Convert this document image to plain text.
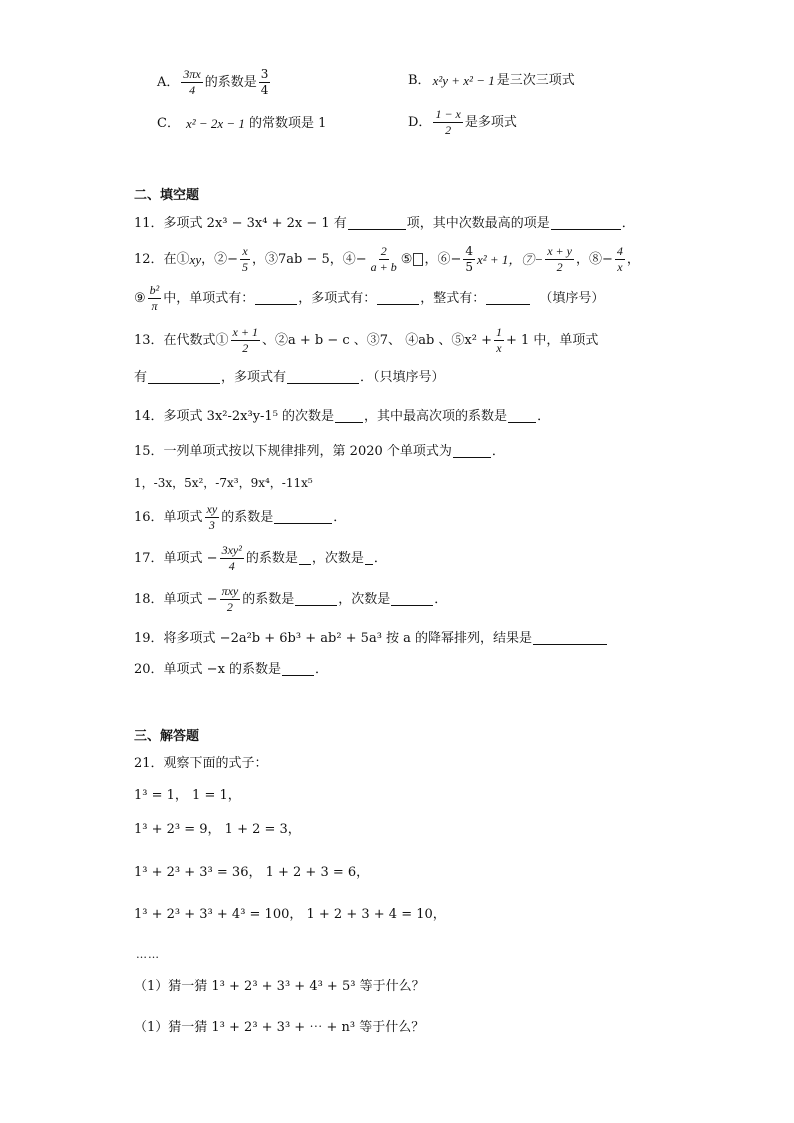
A． $\frac{3\pi x}{4}$ 的系数是 $\frac{3}{4}$	B． x²y + x² − 1 是三次三项式
C． x² − 2x − 1 的常数项是 1	D． $\frac{1 - x}{2}$ 是多项式
二、填空题
11．多项式 2x³ − 3x⁴ + 2x − 1 有	项，其中次数最高的项是	．
12．在① xy ，②− $\frac{x}{5}$ ，③7ab − 5，④− $\frac{2}{a + b}$ ⑤ ，⑥− $\frac{4}{5} x^2 + 1$，⑦− $\frac{x + y}{2}$ ，⑧− $\frac{4}{x}$ ，
⑨ $\frac{\text{b²}}{\pi}$ 中，单项式有：	，多项式有：	，整式有：	（填序号）
13．在代数式① $\frac{x + 1}{2}$ 、②a + b − c 、③7、 ④ab 、⑤x² + $\frac{1}{x} + 1$ 中，单项式
有	，多项式有	．（只填序号）
14．多项式 3x²-2x³y-1⁵ 的次数是 ，其中最高次项的系数是 ．
15．一列单项式按以下规律排列，第 2020 个单项式为	．
1，-3x，5x²，-7x³，9x⁴，-11x⁵
16．单项式 $\frac{xy}{3}$ 的系数是	．
17．单项式 − $\frac{\text{3xy²}}{4}$ 的系数是 ，次数是 ．
18．单项式 − $\frac{\text{πxy}}{2}$ 的系数是	，次数是	．
19．将多项式 −2a²b + 6b³ + ab² + 5a³ 按 a 的降幂排列，结果是
20．单项式 −x 的系数是	．
三、解答题
21．观察下面的式子：
1³ = 1， 1 = 1，
1³ + 2³ = 9， 1 + 2 = 3，
1³ + 2³ + 3³ = 36， 1 + 2 + 3 = 6，
1³ + 2³ + 3³ + 4³ = 100， 1 + 2 + 3 + 4 = 10，
……
（1）猜一猜 1³ + 2³ + 3³ + 4³ + 5³ 等于什么？
（1）猜一猜 1³ + 2³ + 3³ + ⋯ + n³ 等于什么？
